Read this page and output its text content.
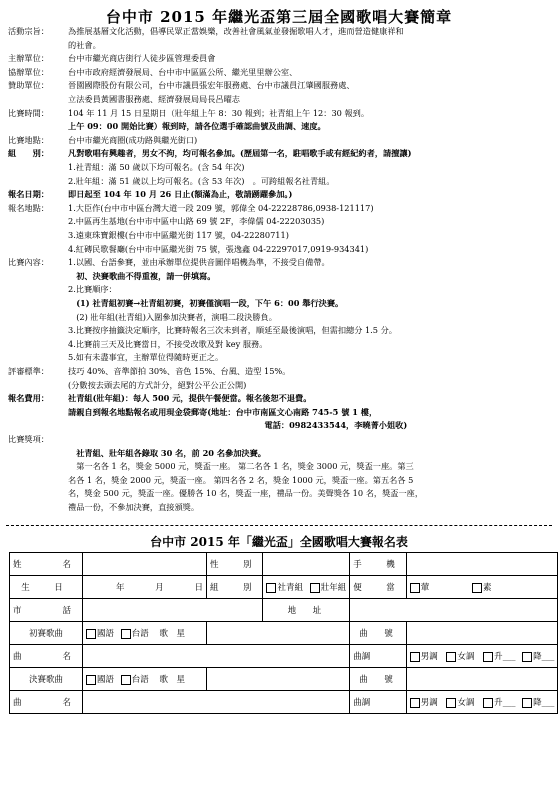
台中市 2015 年繼光盃第三屆全國歌唱大賽簡章
活動宗旨： 為推展基層文化活動，倡導民眾正當娛樂，改善社會風氣並發掘歌唱人才，進而營造健康祥和
的社會。
主辦單位： 台中市繼光商店街行人徒步區管理委員會
協辦單位： 台中市政府經濟發展局、台中市中區區公所、繼光里里辦公室、
贊助單位： 晉園國際股份有限公司，台中市議員張宏年服務處、台中市議員江肇國服務處、
立法委員黃國書服務處、經濟發展局局長呂曜志
比賽時間： 104 年 11 月 15 日星期日（壯年組上午 8：30 報到；社青組上午 12：30 報到。
上午 09：00 開始比賽）報到時，請各位選手確認曲號及曲調、速度。
比賽地點： 台中市繼光商圈(成功路與繼光街口)
組　　別： 凡對歌唱有興趣者，男女不拘，均可報名參加。(歷屆第一名，駐唱歌手或有經紀約者，請擅讓)
1.社青組：滿 50 歲以下均可報名。(含 54 年次)
2.壯年組：滿 51 歲以上均可報名。(含 53 年次)　。可跨組報名社青組。
報名日期： 即日起至 104 年 10 月 26 日止(額滿為止，敬請踴躍參加。)
報名地點： 1.大臣作(台中市中區台灣大道一段 209 號，郭偉全 04-22228786,0938-121117)
2.中區再生基地(台中市中區中山路 69 號 2F，李偉儒 04-22203035)
3.遠東珠寶銀樓(台中市中區繼光街 117 號，04-22280711)
4.紅磚民歌餐廳(台中市中區繼光街 75 號，張逸鑫 04-22297017,0919-934341)
比賽內容： 1.以國、台語參賽，並由承辦單位提供音圖伴唱機為準，不接受自備帶。
　初、決賽歌曲不得重複，請一併填寫。
2.比賽順序：
　(1) 社青組初賽→社青組初賽，初賽僅演唱一段，下午 6：00 舉行決賽。
　(2) 壯年組(社青組)入圍參加決賽者，演唱二段決勝負。
3.比賽按序抽籤決定順序，比賽時報名三次未到者，順延至最後演唱，但需扣總分 1.5 分。
4.比賽前三天及比賽當日，不接受改歌及對 key 服務。
5.如有未盡事宜，主辦單位得隨時更正之。
評審標準： 技巧 40%、音準節拍 30%、音色 15%、台風、造型 15%。
(分數按去頭去尾的方式計分，絕對公平公正公開)
報名費用： 社青組(壯年組)：每人 500 元，提供午餐便當。報名後恕不退費。
請親自到報名地點報名或用現金袋郵寄(地址：台中市南區文心南路 745-5 號 1 樓，
　　　　　　　　　　　　　　　　　　　　　　　　電話：0982433544，李曉菁小姐收)
比賽獎項：
　社青組、壯年組各錄取 30 名，前 20 名參加決賽。
　第一名各 1 名，獎金 5000 元，獎盃一座。 第二名各 1 名，獎金 3000 元，獎盃一座。第三
名各 1 名，獎金 2000 元，獎盃一座。 第四名各 2 名，獎金 1000 元，獎盃一座。第五名各 5
名，獎金 500 元，獎盃一座。優勝各 10 名，獎盃一座，禮品一份。美聲獎各 10 名，獎盃一座，
禮品一份，不參加決賽，直接頒獎。
台中市 2015 年「繼光盃」全國歌唱大賽報名表
姓　　名		性　別		手　機	
生　日	年 月 日	組　別	社青組 壯年組	便　當	葷 素
市　　話			地　址		
初賽歌曲	國語 台語 歌　星			曲　號	
曲　　名				曲調	男調 女調 升___ 降___
決賽歌曲	國語 台語 歌　星			曲　號	
曲　　名				曲調	男調 女調 升___ 降___
